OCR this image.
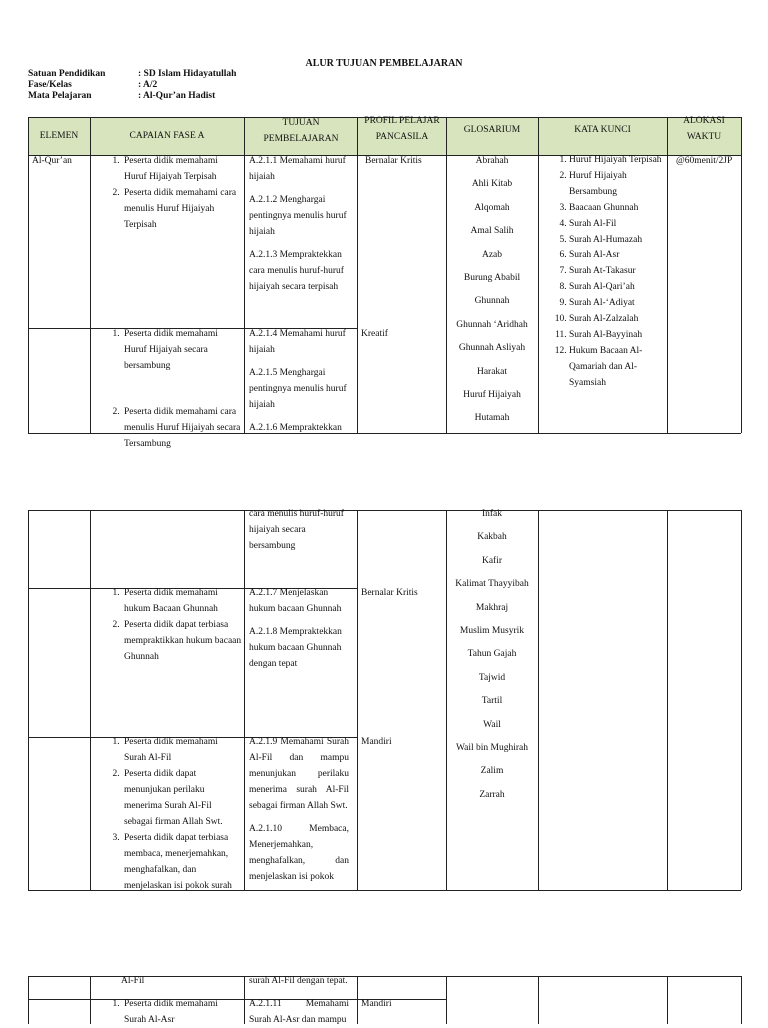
ALUR TUJUAN PEMBELAJARAN
Satuan Pendidikan	: SD Islam Hidayatullah
Fase/Kelas	: A/2
Mata Pelajaran	: Al-Qur’an Hadist
ELEMEN	CAPAIAN FASE A
TUJUAN PEMBELAJARAN
PROFIL PELAJAR PANCASILA
GLOSARIUM	KATA KUNCI
ALOKASI WAKTU
Al-Qur’an
1.	Peserta didik memahami Huruf Hijaiyah Terpisah
2. Peserta didik memahami cara menulis Huruf Hijaiyah Terpisah

A.2.1.1 Memahami huruf hijaiah

A.2.1.2 Menghargai pentingnya menulis huruf hijaiah

A.2.1.3 Mempraktekkan cara menulis huruf-huruf hijaiyah secara terpisah

Bernalar Kritis
1. Peserta didik memahami Huruf Hijaiyah secara bersambung
2. Peserta didik memahami cara menulis Huruf Hijaiyah secara Tersambung

A.2.1.4 Memahami huruf hijaiah

A.2.1.5 Menghargai pentingnya menulis huruf hijaiah

A.2.1.6 Mempraktekkan

Kreatif
Abrahah
Ahli Kitab
Alqomah
Amal Salih
Azab
Burung Ababil
Ghunnah
Ghunnah ‘Aridhah
Ghunnah Asliyah
Harakat
Huruf Hijaiyah
Hutamah
1. Huruf Hijaiyah Terpisah
2. Huruf Hijaiyah Bersambung
3. Baacaan Ghunnah
4. Surah Al-Fil
5. Surah Al-Humazah
6. Surah Al-Asr
7. Surah At-Takasur
8. Surah Al-Qari’ah
9. Surah Al-‘Adiyat
10. Surah Al-Zalzalah
11. Surah Al-Bayyinah
12. Hukum Bacaan Al-Qamariah dan Al-Syamsiah
@60menit/2JP
cara menulis huruf-huruf hijaiyah secara bersambung
1. Peserta didik memahami hukum Bacaan Ghunnah
2. Peserta didik dapat terbiasa mempraktikkan hukum bacaan Ghunnah

A.2.1.7 Menjelaskan hukum bacaan Ghunnah

A.2.1.8 Mempraktekkan hukum bacaan Ghunnah dengan tepat

Bernalar Kritis
1. Peserta didik memahami Surah Al-Fil
2. Peserta didik dapat menunjukan perilaku menerima Surah Al-Fil sebagai firman Allah Swt.
3. Peserta didik dapat terbiasa membaca, menerjemahkan, menghafalkan, dan menjelaskan isi pokok surah

A.2.1.9 Memahami Surah Al-Fil dan mampu menunjukan perilaku menerima surah Al-Fil sebagai firman Allah Swt.

A.2.1.10 Membaca, Menerjemahkan, menghafalkan, dan menjelaskan isi pokok

Mandiri
Infak
Kakbah
Kafir
Kalimat Thayyibah
Makhraj
Muslim Musyrik
Tahun Gajah
Tajwid
Tartil
Wail
Wail bin Mughirah
Zalim
Zarrah
Al-Fil	surah Al-Fil dengan tepat.
1. Peserta didik memahami Surah Al-Asr
A.2.1.11 Memahami Surah Al-Asr dan mampu
Mandiri
